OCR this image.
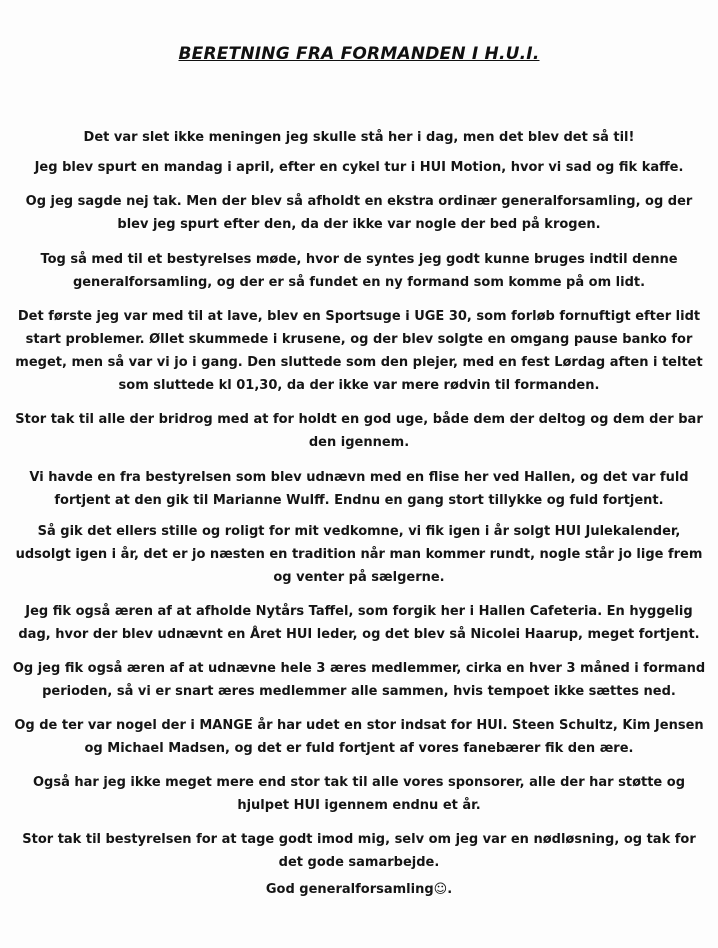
BERETNING FRA FORMANDEN I H.U.I.

Det var slet ikke meningen jeg skulle stå her i dag, men det blev det så til!

Jeg blev spurt en mandag i april, efter en cykel tur i HUI Motion, hvor vi sad og fik kaffe.

Og jeg sagde nej tak. Men der blev så afholdt en ekstra ordinær generalforsamling, og der blev jeg spurt efter den, da der ikke var nogle der bed på krogen.

Tog så med til et bestyrelses møde, hvor de syntes jeg godt kunne bruges indtil denne generalforsamling, og der er så fundet en ny formand som komme på om lidt.

Det første jeg var med til at lave, blev en Sportsuge i UGE 30, som forløb fornuftigt efter lidt start problemer. Øllet skummede i krusene, og der blev solgte en omgang pause banko for meget, men så var vi jo i gang. Den sluttede som den plejer, med en fest Lørdag aften i teltet som sluttede kl 01,30, da der ikke var mere rødvin til formanden.

Stor tak til alle der bridrog med at for holdt en god uge, både dem der deltog og dem der bar den igennem.

Vi havde en fra bestyrelsen som blev udnævn med en flise her ved Hallen, og det var fuld fortjent at den gik til Marianne Wulff. Endnu en gang stort tillykke og fuld fortjent.

Så gik det ellers stille og roligt for mit vedkomne, vi fik igen i år solgt HUI Julekalender, udsolgt igen i år, det er jo næsten en tradition når man kommer rundt, nogle står jo lige frem og venter på sælgerne.

Jeg fik også æren af at afholde Nytårs Taffel, som forgik her i Hallen Cafeteria. En hyggelig dag, hvor der blev udnævnt en Året HUI leder, og det blev så Nicolei Haarup, meget fortjent.

Og jeg fik også æren af at udnævne hele 3 æres medlemmer, cirka en hver 3 måned i formand perioden, så vi er snart æres medlemmer alle sammen, hvis tempoet ikke sættes ned.

Og de ter var nogel der i MANGE år har udet en stor indsat for HUI. Steen Schultz, Kim Jensen og Michael Madsen, og det er fuld fortjent af vores fanebærer fik den ære.

Også har jeg ikke meget mere end stor tak til alle vores sponsorer, alle der har støtte og hjulpet HUI igennem endnu et år.

Stor tak til bestyrelsen for at tage godt imod mig, selv om jeg var en nødløsning, og tak for det gode samarbejde.

God generalforsamling☺.
